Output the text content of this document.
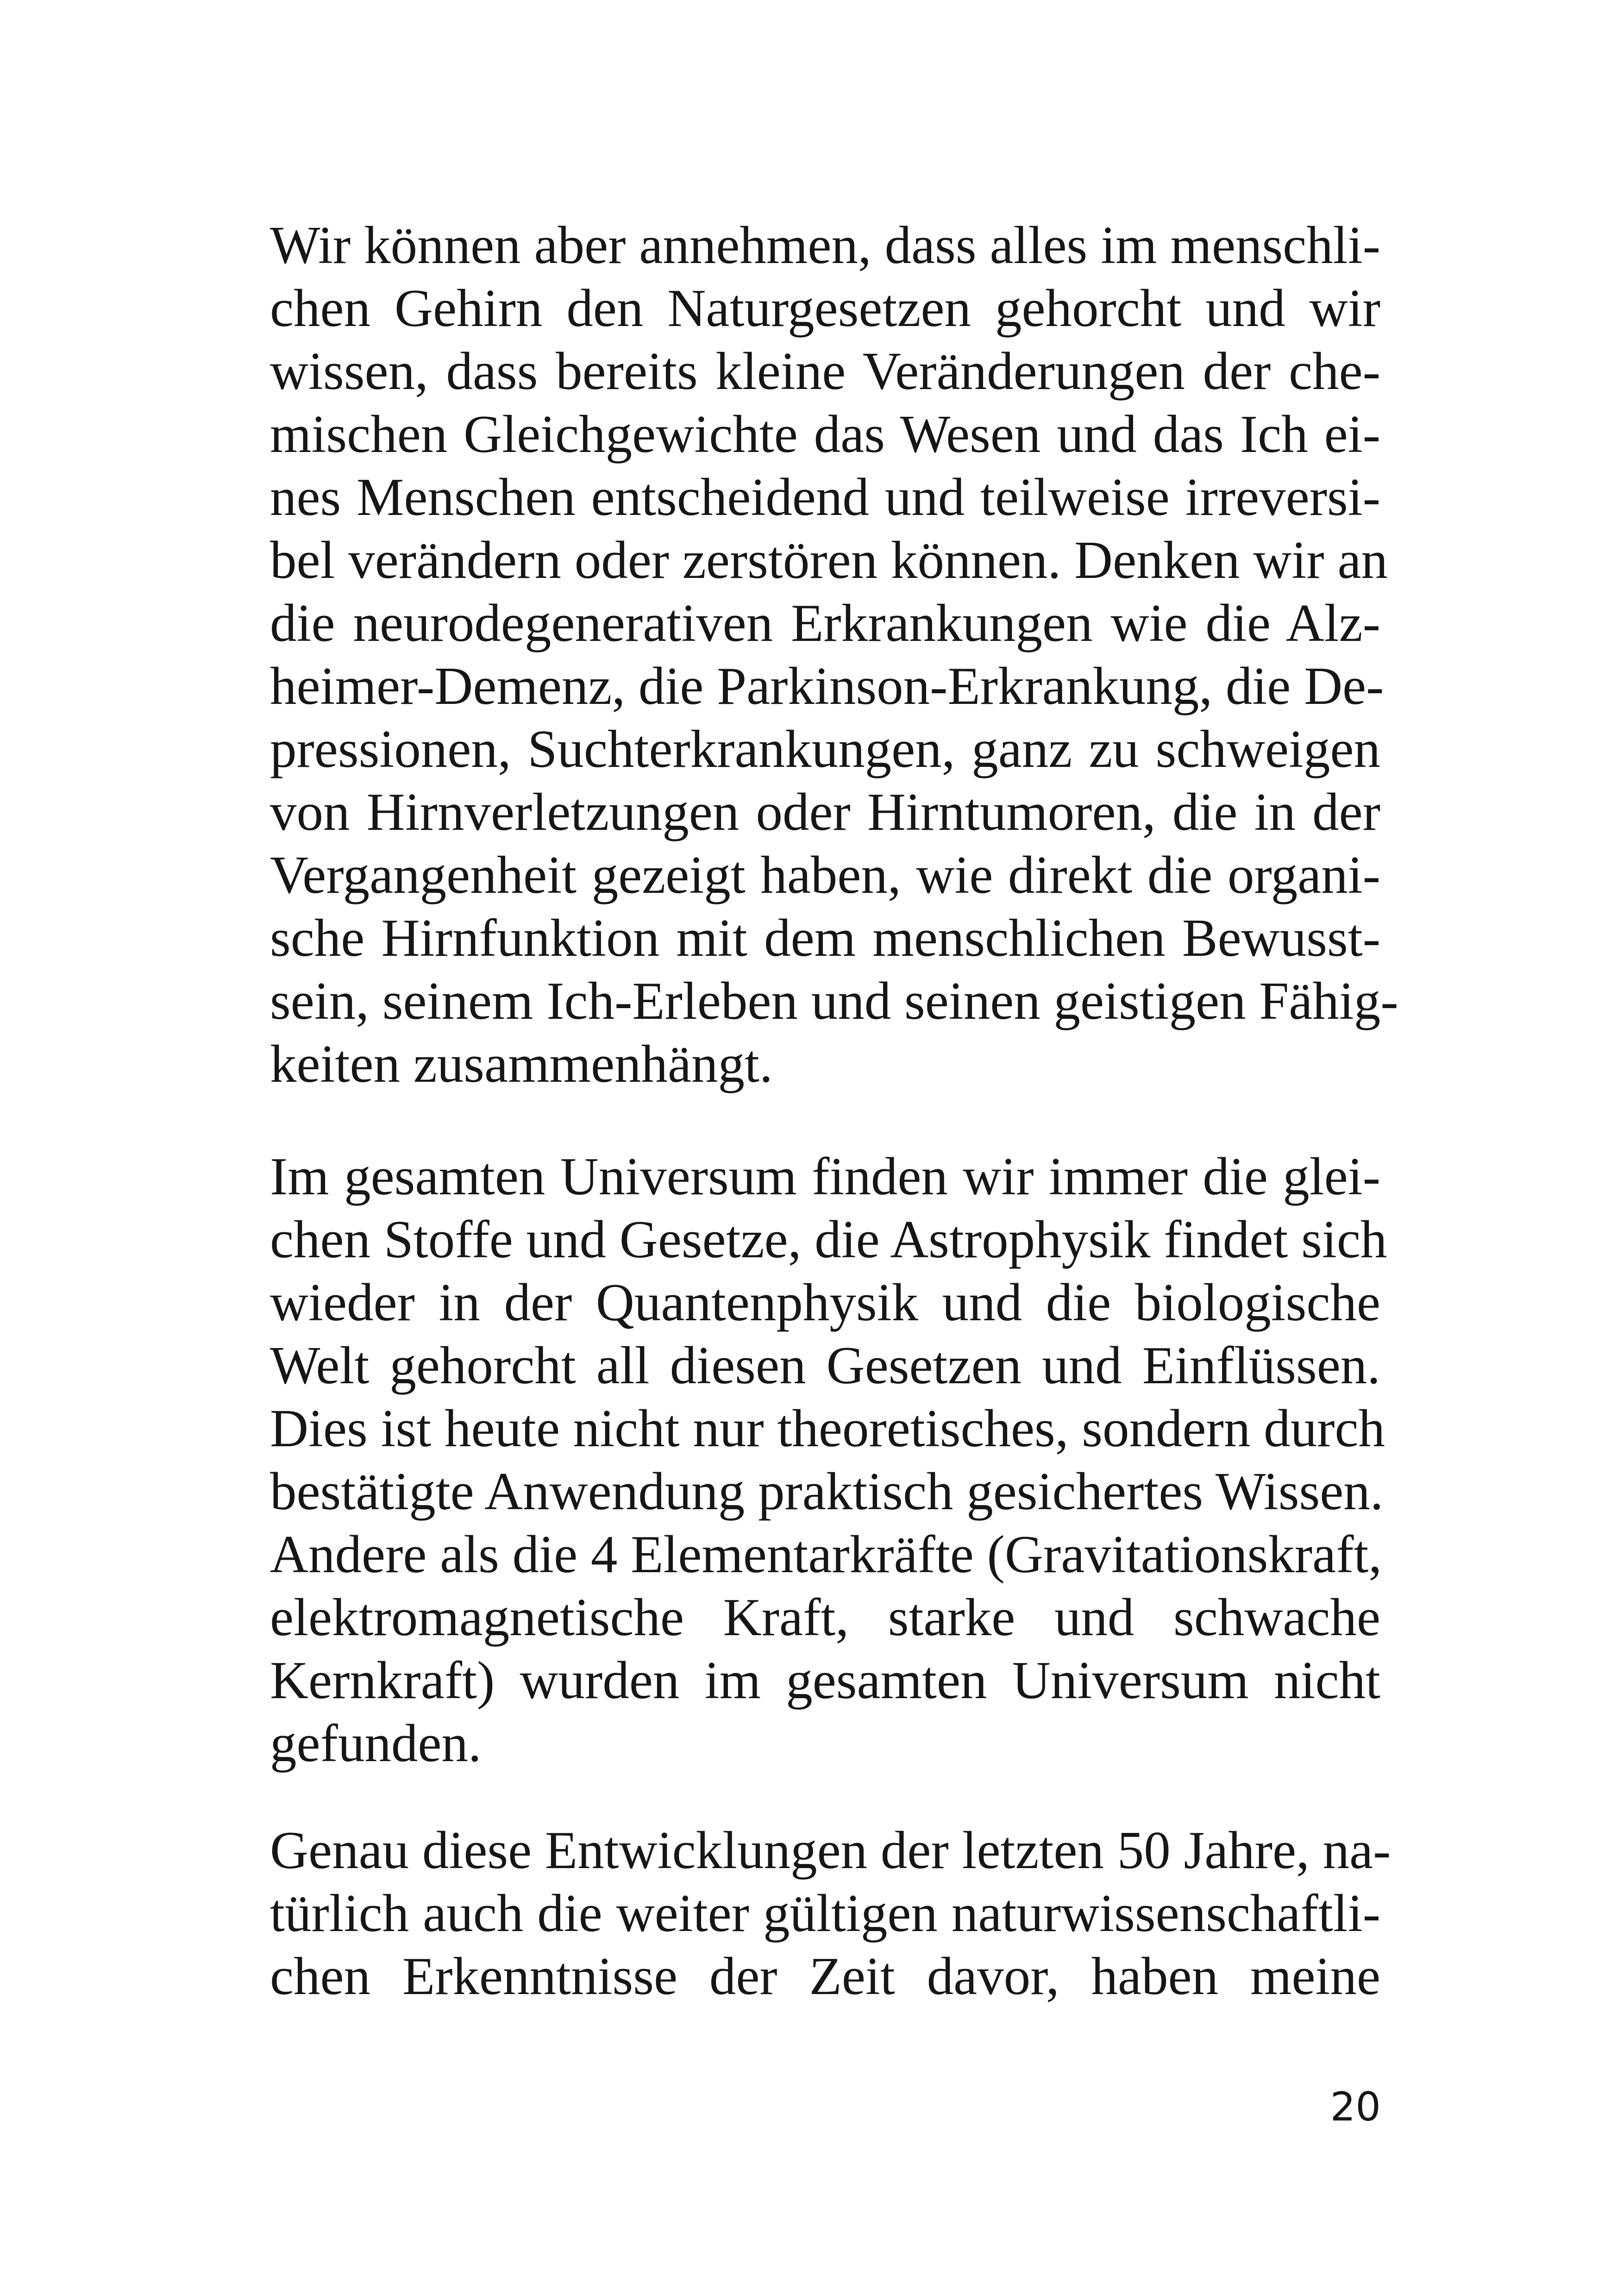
Wir können aber annehmen, dass alles im menschli-
chen Gehirn den Naturgesetzen gehorcht und wir
wissen, dass bereits kleine Veränderungen der che-
mischen Gleichgewichte das Wesen und das Ich ei-
nes Menschen entscheidend und teilweise irreversi-
bel verändern oder zerstören können. Denken wir an
die neurodegenerativen Erkrankungen wie die Alz-
heimer-Demenz, die Parkinson-Erkrankung, die De-
pressionen, Suchterkrankungen, ganz zu schweigen
von Hirnverletzungen oder Hirntumoren, die in der
Vergangenheit gezeigt haben, wie direkt die organi-
sche Hirnfunktion mit dem menschlichen Bewusst-
sein, seinem Ich-Erleben und seinen geistigen Fähig-
keiten zusammenhängt.
Im gesamten Universum finden wir immer die glei-
chen Stoffe und Gesetze, die Astrophysik findet sich
wieder in der Quantenphysik und die biologische
Welt gehorcht all diesen Gesetzen und Einflüssen.
Dies ist heute nicht nur theoretisches, sondern durch
bestätigte Anwendung praktisch gesichertes Wissen.
Andere als die 4 Elementarkräfte (Gravitationskraft,
elektromagnetische Kraft, starke und schwache
Kernkraft) wurden im gesamten Universum nicht
gefunden.
Genau diese Entwicklungen der letzten 50 Jahre, na-
türlich auch die weiter gültigen naturwissenschaftli-
chen Erkenntnisse der Zeit davor, haben meine
20
